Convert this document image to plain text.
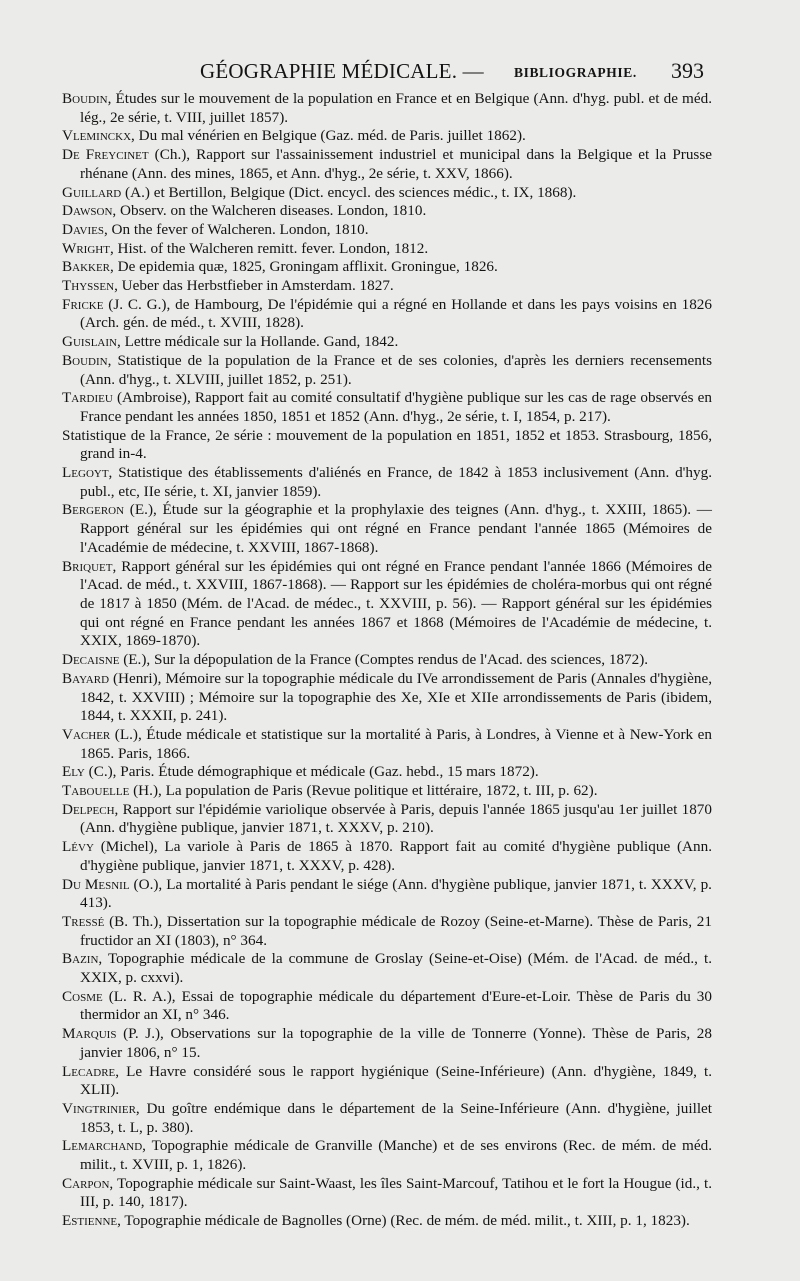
GÉOGRAPHIE MÉDICALE. — BIBLIOGRAPHIE. 393
Boudin, Études sur le mouvement de la population en France et en Belgique (Ann. d'hyg. publ. et de méd. lég., 2e série, t. VIII, juillet 1857).
Vleminckx, Du mal vénérien en Belgique (Gaz. méd. de Paris. juillet 1862).
De Freycinet (Ch.), Rapport sur l'assainissement industriel et municipal dans la Belgique et la Prusse rhénane (Ann. des mines, 1865, et Ann. d'hyg., 2e série, t. XXV, 1866).
Guillard (A.) et Bertillon, Belgique (Dict. encycl. des sciences médic., t. IX, 1868).
Dawson, Observ. on the Walcheren diseases. London, 1810.
Davies, On the fever of Walcheren. London, 1810.
Wright, Hist. of the Walcheren remitt. fever. London, 1812.
Bakker, De epidemia quæ, 1825, Groningam afflixit. Groningue, 1826.
Thyssen, Ueber das Herbstfieber in Amsterdam. 1827.
Fricke (J. C. G.), de Hambourg, De l'épidémie qui a régné en Hollande et dans les pays voisins en 1826 (Arch. gén. de méd., t. XVIII, 1828).
Guislain, Lettre médicale sur la Hollande. Gand, 1842.
Boudin, Statistique de la population de la France et de ses colonies, d'après les derniers recensements (Ann. d'hyg., t. XLVIII, juillet 1852, p. 251).
Tardieu (Ambroise), Rapport fait au comité consultatif d'hygiène publique sur les cas de rage observés en France pendant les années 1850, 1851 et 1852 (Ann. d'hyg., 2e série, t. I, 1854, p. 217).
Statistique de la France, 2e série : mouvement de la population en 1851, 1852 et 1853. Strasbourg, 1856, grand in-4.
Legoyt, Statistique des établissements d'aliénés en France, de 1842 à 1853 inclusivement (Ann. d'hyg. publ., etc, IIe série, t. XI, janvier 1859).
Bergeron (E.), Étude sur la géographie et la prophylaxie des teignes (Ann. d'hyg., t. XXIII, 1865). — Rapport général sur les épidémies qui ont régné en France pendant l'année 1865 (Mémoires de l'Académie de médecine, t. XXVIII, 1867-1868).
Briquet, Rapport général sur les épidémies qui ont régné en France pendant l'année 1866 (Mémoires de l'Acad. de méd., t. XXVIII, 1867-1868). — Rapport sur les épidémies de choléra-morbus qui ont régné de 1817 à 1850 (Mém. de l'Acad. de médec., t. XXVIII, p. 56). — Rapport général sur les épidémies qui ont régné en France pendant les années 1867 et 1868 (Mémoires de l'Académie de médecine, t. XXIX, 1869-1870).
Decaisne (E.), Sur la dépopulation de la France (Comptes rendus de l'Acad. des sciences, 1872).
Bayard (Henri), Mémoire sur la topographie médicale du IVe arrondissement de Paris (Annales d'hygiène, 1842, t. XXVIII) ; Mémoire sur la topographie des Xe, XIe et XIIe arrondissements de Paris (ibidem, 1844, t. XXXII, p. 241).
Vacher (L.), Étude médicale et statistique sur la mortalité à Paris, à Londres, à Vienne et à New-York en 1865. Paris, 1866.
Ely (C.), Paris. Étude démographique et médicale (Gaz. hebd., 15 mars 1872).
Tabouelle (H.), La population de Paris (Revue politique et littéraire, 1872, t. III, p. 62).
Delpech, Rapport sur l'épidémie variolique observée à Paris, depuis l'année 1865 jusqu'au 1er juillet 1870 (Ann. d'hygiène publique, janvier 1871, t. XXXV, p. 210).
Lévy (Michel), La variole à Paris de 1865 à 1870. Rapport fait au comité d'hygiène publique (Ann. d'hygiène publique, janvier 1871, t. XXXV, p. 428).
Du Mesnil (O.), La mortalité à Paris pendant le siége (Ann. d'hygiène publique, janvier 1871, t. XXXV, p. 413).
Tressé (B. Th.), Dissertation sur la topographie médicale de Rozoy (Seine-et-Marne). Thèse de Paris, 21 fructidor an XI (1803), n° 364.
Bazin, Topographie médicale de la commune de Groslay (Seine-et-Oise) (Mém. de l'Acad. de méd., t. XXIX, p. cxxvi).
Cosme (L. R. A.), Essai de topographie médicale du département d'Eure-et-Loir. Thèse de Paris du 30 thermidor an XI, n° 346.
Marquis (P. J.), Observations sur la topographie de la ville de Tonnerre (Yonne). Thèse de Paris, 28 janvier 1806, n° 15.
Lecadre, Le Havre considéré sous le rapport hygiénique (Seine-Inférieure) (Ann. d'hygiène, 1849, t. XLII).
Vingtrinier, Du goître endémique dans le département de la Seine-Inférieure (Ann. d'hygiène, juillet 1853, t. L, p. 380).
Lemarchand, Topographie médicale de Granville (Manche) et de ses environs (Rec. de mém. de méd. milit., t. XVIII, p. 1, 1826).
Carpon, Topographie médicale sur Saint-Waast, les îles Saint-Marcouf, Tatihou et le fort la Hougue (id., t. III, p. 140, 1817).
Estienne, Topographie médicale de Bagnolles (Orne) (Rec. de mém. de méd. milit., t. XIII, p. 1, 1823).
